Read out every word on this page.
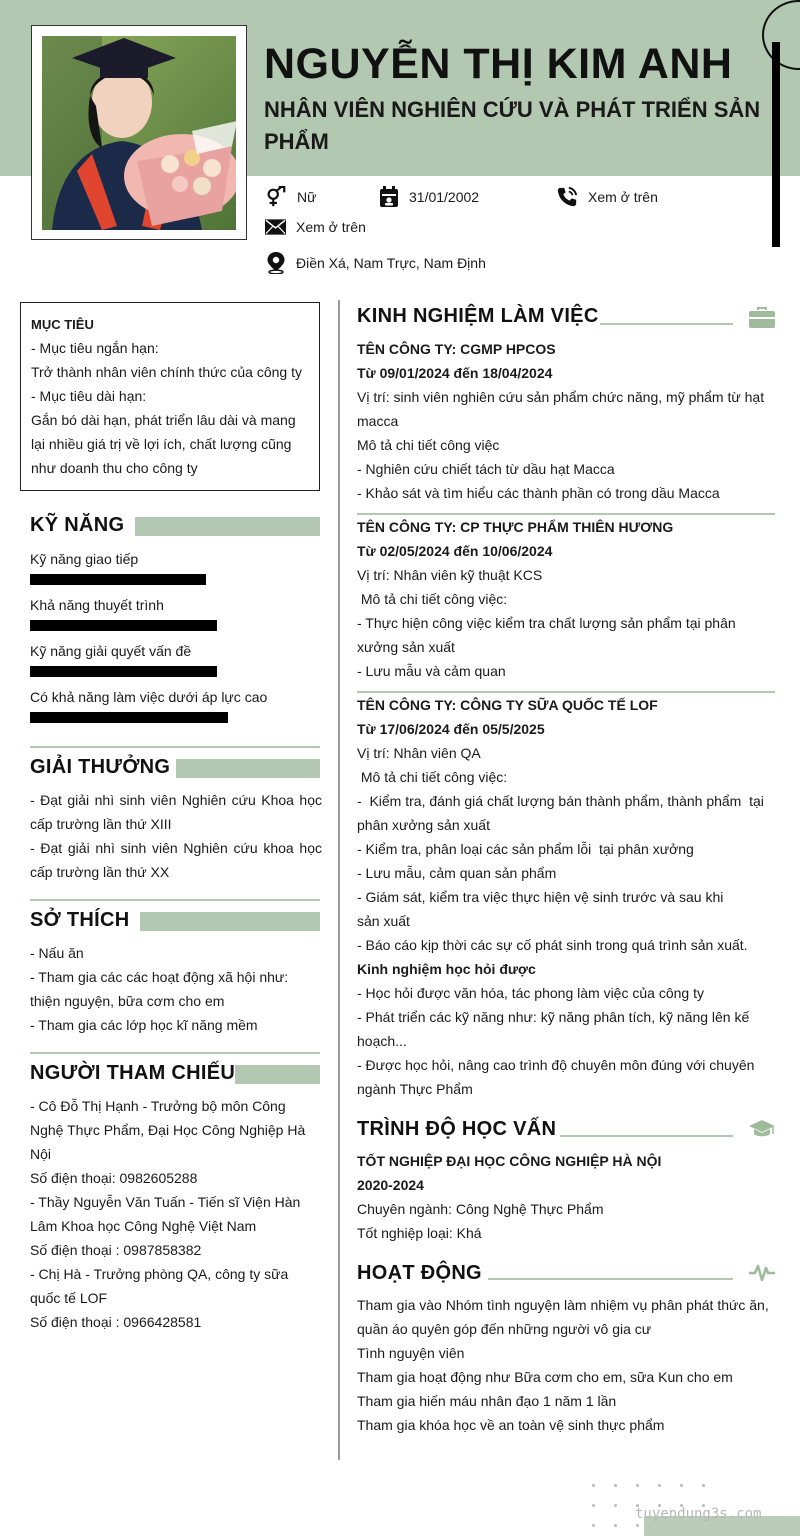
NGUYỄN THỊ KIM ANH
NHÂN VIÊN NGHIÊN CỨU VÀ PHÁT TRIỂN SẢN PHẨM
Nữ	31/01/2002	Xem ở trên
Xem ở trên
Điền Xá, Nam Trực, Nam Định
MỤC TIÊU
- Mục tiêu ngắn hạn:
Trở thành nhân viên chính thức của công ty
- Mục tiêu dài hạn:
Gắn bó dài hạn, phát triển lâu dài và mang lại nhiều giá trị về lợi ích, chất lượng cũng như doanh thu cho công ty
KỸ NĂNG
Kỹ năng giao tiếp
Khả năng thuyết trình
Kỹ năng giải quyết vấn đề
Có khả năng làm việc dưới áp lực cao
GIẢI THƯỞNG
- Đạt giải nhì sinh viên Nghiên cứu Khoa học cấp trường lần thứ XIII
- Đạt giải nhì sinh viên Nghiên cứu khoa học cấp trường lần thứ XX
SỞ THÍCH
- Nấu ăn
- Tham gia các các hoạt động xã hội như: thiện nguyện, bữa cơm cho em
- Tham gia các lớp học kĩ năng mềm
NGƯỜI THAM CHIẾU
- Cô Đỗ Thị Hạnh - Trưởng bộ môn Công Nghệ Thực Phẩm, Đại Học Công Nghiệp Hà Nội
Số điện thoại: 0982605288
- Thầy Nguyễn Văn Tuấn - Tiến sĩ Viện Hàn Lâm Khoa học Công Nghệ Việt Nam
Số điện thoại : 0987858382
- Chị Hà - Trưởng phòng QA, công ty sữa quốc tế LOF
Số điện thoại : 0966428581
KINH NGHIỆM LÀM VIỆC
TÊN CÔNG TY: CGMP HPCOS
Từ 09/01/2024 đến 18/04/2024
Vị trí: sinh viên nghiên cứu sản phẩm chức năng, mỹ phẩm từ hạt macca
Mô tả chi tiết công việc
- Nghiên cứu chiết tách từ dầu hạt Macca
- Khảo sát và tìm hiểu các thành phần có trong dầu Macca
TÊN CÔNG TY: CP THỰC PHẨM THIÊN HƯƠNG
Từ 02/05/2024 đến 10/06/2024
Vị trí: Nhân viên kỹ thuật KCS
Mô tả chi tiết công việc:
- Thực hiện công việc kiểm tra chất lượng sản phẩm tại phân xưởng sản xuất
- Lưu mẫu và cảm quan
TÊN CÔNG TY: CÔNG TY SỮA QUỐC TẾ LOF
Từ 17/06/2024 đến 05/5/2025
Vị trí: Nhân viên QA
Mô tả chi tiết công việc:
-  Kiểm tra, đánh giá chất lượng bán thành phẩm, thành phẩm  tại phân xưởng sản xuất
- Kiểm tra, phân loại các sản phẩm lỗi  tại phân xưởng
- Lưu mẫu, cảm quan sản phẩm
- Giám sát, kiểm tra việc thực hiện vệ sinh trước và sau khi sản xuất
- Báo cáo kịp thời các sự cố phát sinh trong quá trình sản xuất.
Kinh nghiệm học hỏi được
- Học hỏi được văn hóa, tác phong làm việc của công ty
- Phát triển các kỹ năng như: kỹ năng phân tích, kỹ năng lên kế hoạch...
- Được học hỏi, nâng cao trình độ chuyên môn đúng với chuyên ngành Thực Phẩm
TRÌNH ĐỘ HỌC VẤN
TỐT NGHIỆP ĐẠI HỌC CÔNG NGHIỆP HÀ NỘI
2020-2024
Chuyên ngành: Công Nghệ Thực Phẩm
Tốt nghiệp loại: Khá
HOẠT ĐỘNG
Tham gia vào Nhóm tình nguyện làm nhiệm vụ phân phát thức ăn, quần áo quyên góp đến những người vô gia cư
Tình nguyện viên
Tham gia hoạt động như Bữa cơm cho em, sữa Kun cho em
Tham gia hiến máu nhân đạo 1 năm 1 lần
Tham gia khóa học về an toàn vệ sinh thực phẩm
tuyendung3s.com
